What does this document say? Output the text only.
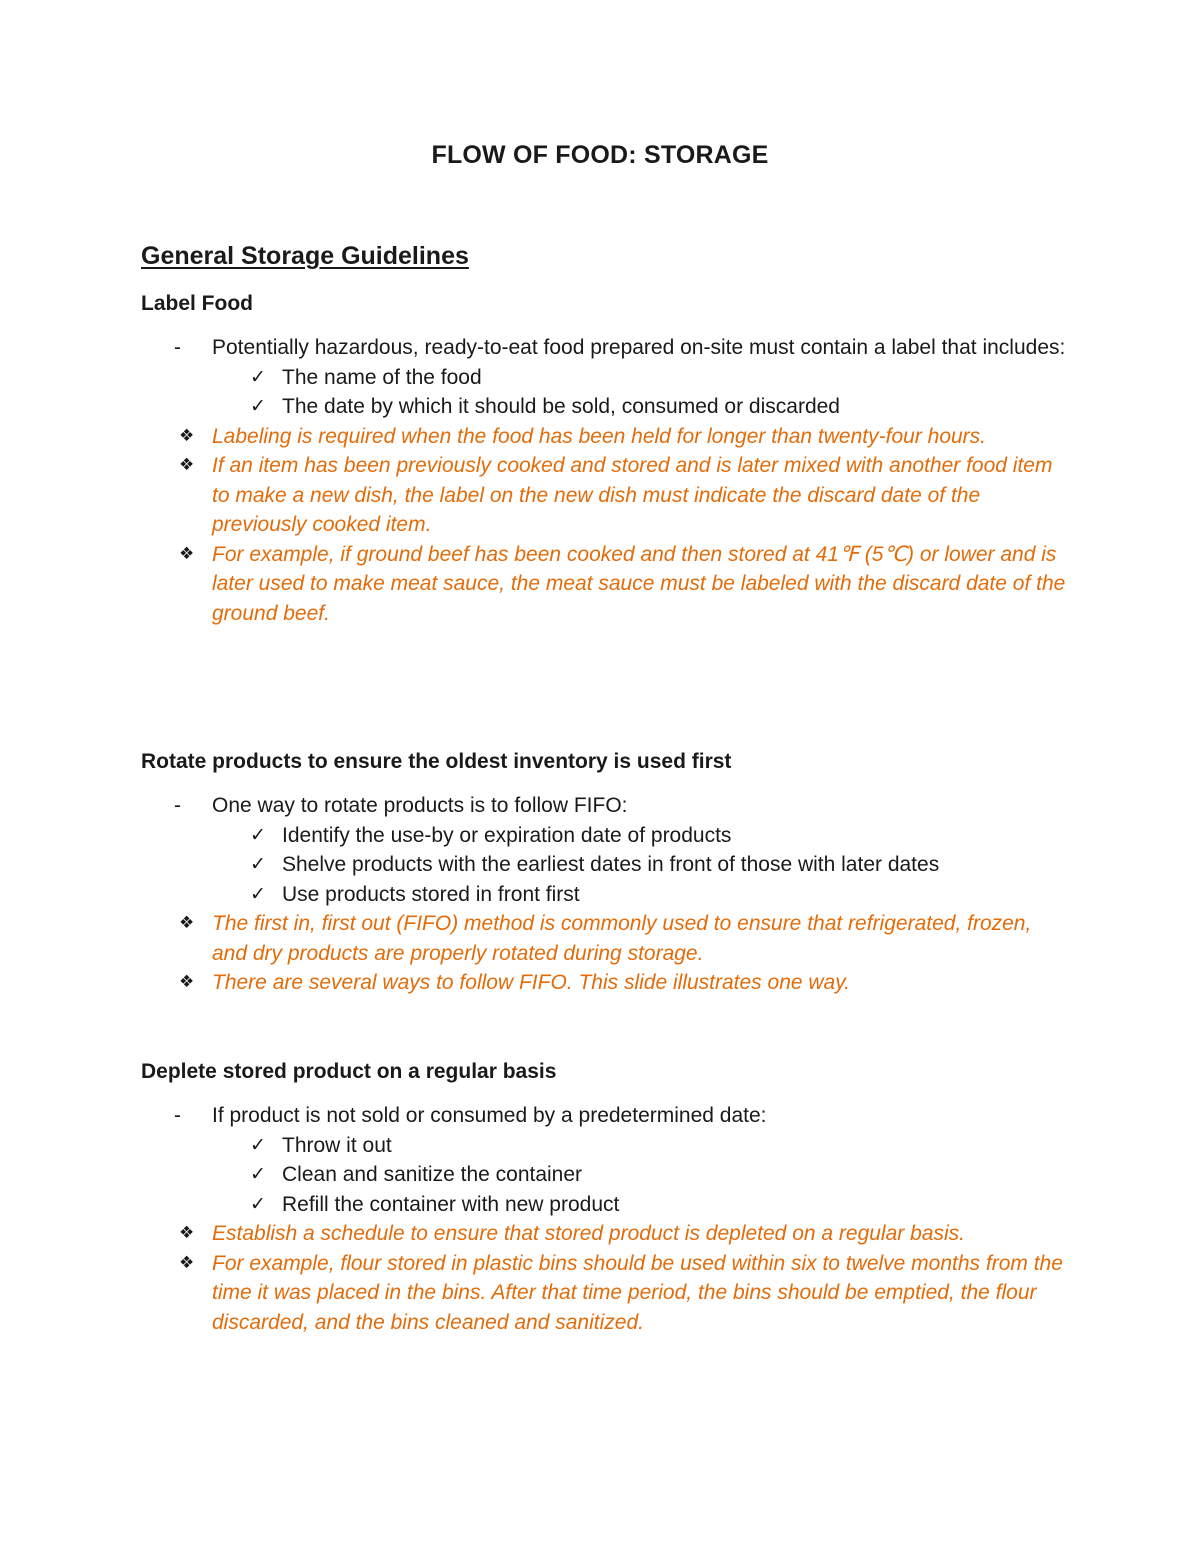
FLOW OF FOOD: STORAGE
General Storage Guidelines
Label Food
- Potentially hazardous, ready-to-eat food prepared on-site must contain a label that includes:
✓ The name of the food
✓ The date by which it should be sold, consumed or discarded
❖ Labeling is required when the food has been held for longer than twenty-four hours.
❖ If an item has been previously cooked and stored and is later mixed with another food item to make a new dish, the label on the new dish must indicate the discard date of the previously cooked item.
❖ For example, if ground beef has been cooked and then stored at 41℉ (5℃) or lower and is later used to make meat sauce, the meat sauce must be labeled with the discard date of the ground beef.
Rotate products to ensure the oldest inventory is used first
- One way to rotate products is to follow FIFO:
✓ Identify the use-by or expiration date of products
✓ Shelve products with the earliest dates in front of those with later dates
✓ Use products stored in front first
❖ The first in, first out (FIFO) method is commonly used to ensure that refrigerated, frozen, and dry products are properly rotated during storage.
❖ There are several ways to follow FIFO. This slide illustrates one way.
Deplete stored product on a regular basis
- If product is not sold or consumed by a predetermined date:
✓ Throw it out
✓ Clean and sanitize the container
✓ Refill the container with new product
❖ Establish a schedule to ensure that stored product is depleted on a regular basis.
❖ For example, flour stored in plastic bins should be used within six to twelve months from the time it was placed in the bins. After that time period, the bins should be emptied, the flour discarded, and the bins cleaned and sanitized.
